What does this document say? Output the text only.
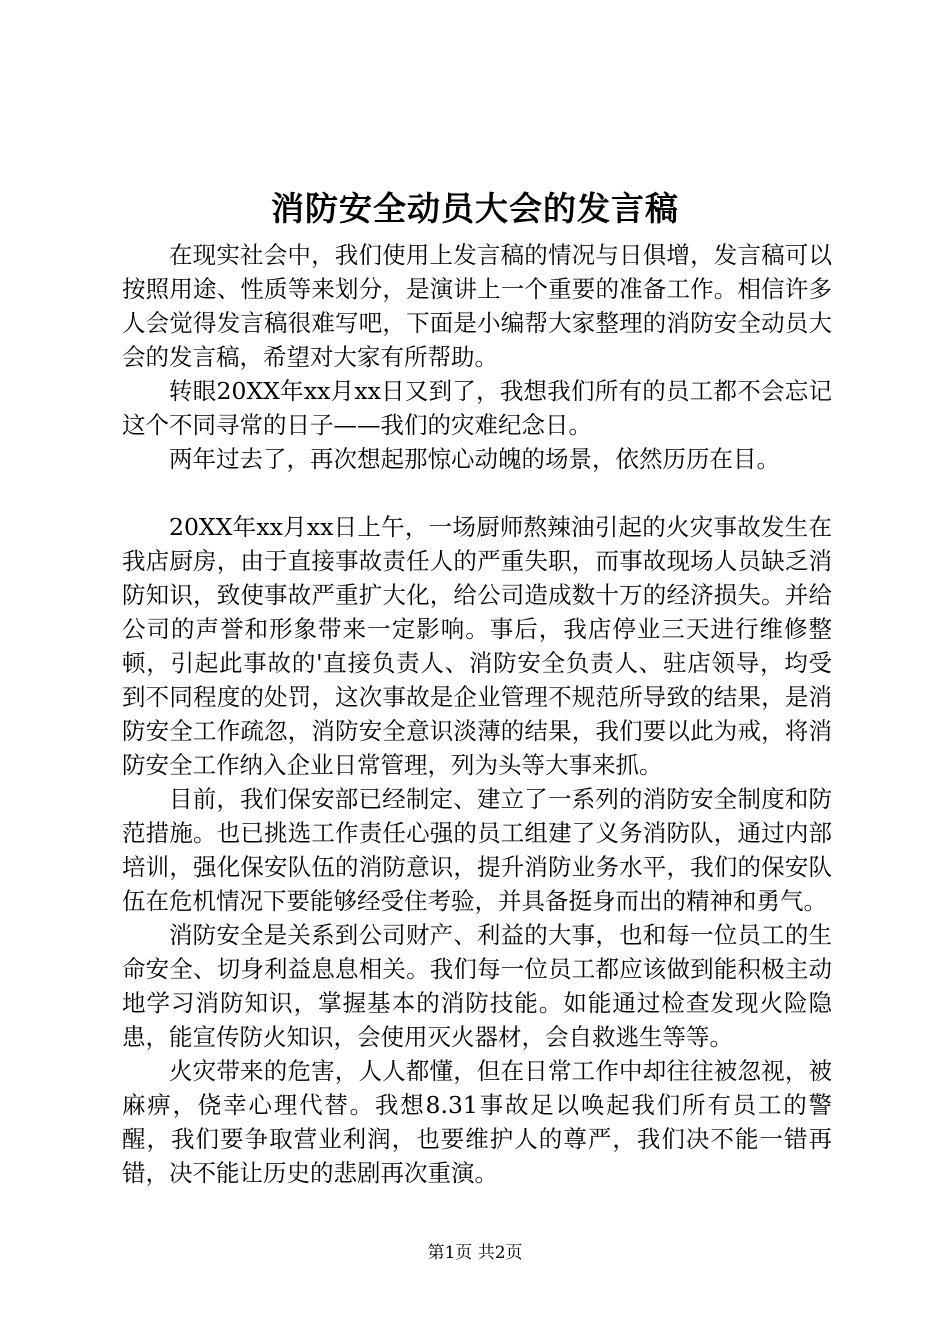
消防安全动员大会的发言稿

在现实社会中，我们使用上发言稿的情况与日俱增，发言稿可以按照用途、性质等来划分，是演讲上一个重要的准备工作。相信许多人会觉得发言稿很难写吧，下面是小编帮大家整理的消防安全动员大会的发言稿，希望对大家有所帮助。

转眼20XX年xx月xx日又到了，我想我们所有的员工都不会忘记这个不同寻常的日子——我们的灾难纪念日。

两年过去了，再次想起那惊心动魄的场景，依然历历在目。

20XX年xx月xx日上午，一场厨师熬辣油引起的火灾事故发生在我店厨房，由于直接事故责任人的严重失职，而事故现场人员缺乏消防知识，致使事故严重扩大化，给公司造成数十万的经济损失。并给公司的声誉和形象带来一定影响。事后，我店停业三天进行维修整顿，引起此事故的'直接负责人、消防安全负责人、驻店领导，均受到不同程度的处罚，这次事故是企业管理不规范所导致的结果，是消防安全工作疏忽，消防安全意识淡薄的结果，我们要以此为戒，将消防安全工作纳入企业日常管理，列为头等大事来抓。

目前，我们保安部已经制定、建立了一系列的消防安全制度和防范措施。也已挑选工作责任心强的员工组建了义务消防队，通过内部培训，强化保安队伍的消防意识，提升消防业务水平，我们的保安队伍在危机情况下要能够经受住考验，并具备挺身而出的精神和勇气。

消防安全是关系到公司财产、利益的大事，也和每一位员工的生命安全、切身利益息息相关。我们每一位员工都应该做到能积极主动地学习消防知识，掌握基本的消防技能。如能通过检查发现火险隐患，能宣传防火知识，会使用灭火器材，会自救逃生等等。

火灾带来的危害，人人都懂，但在日常工作中却往往被忽视，被麻痹，侥幸心理代替。我想8.31事故足以唤起我们所有员工的警醒，我们要争取营业利润，也要维护人的尊严，我们决不能一错再错，决不能让历史的悲剧再次重演。

第1页 共2页
